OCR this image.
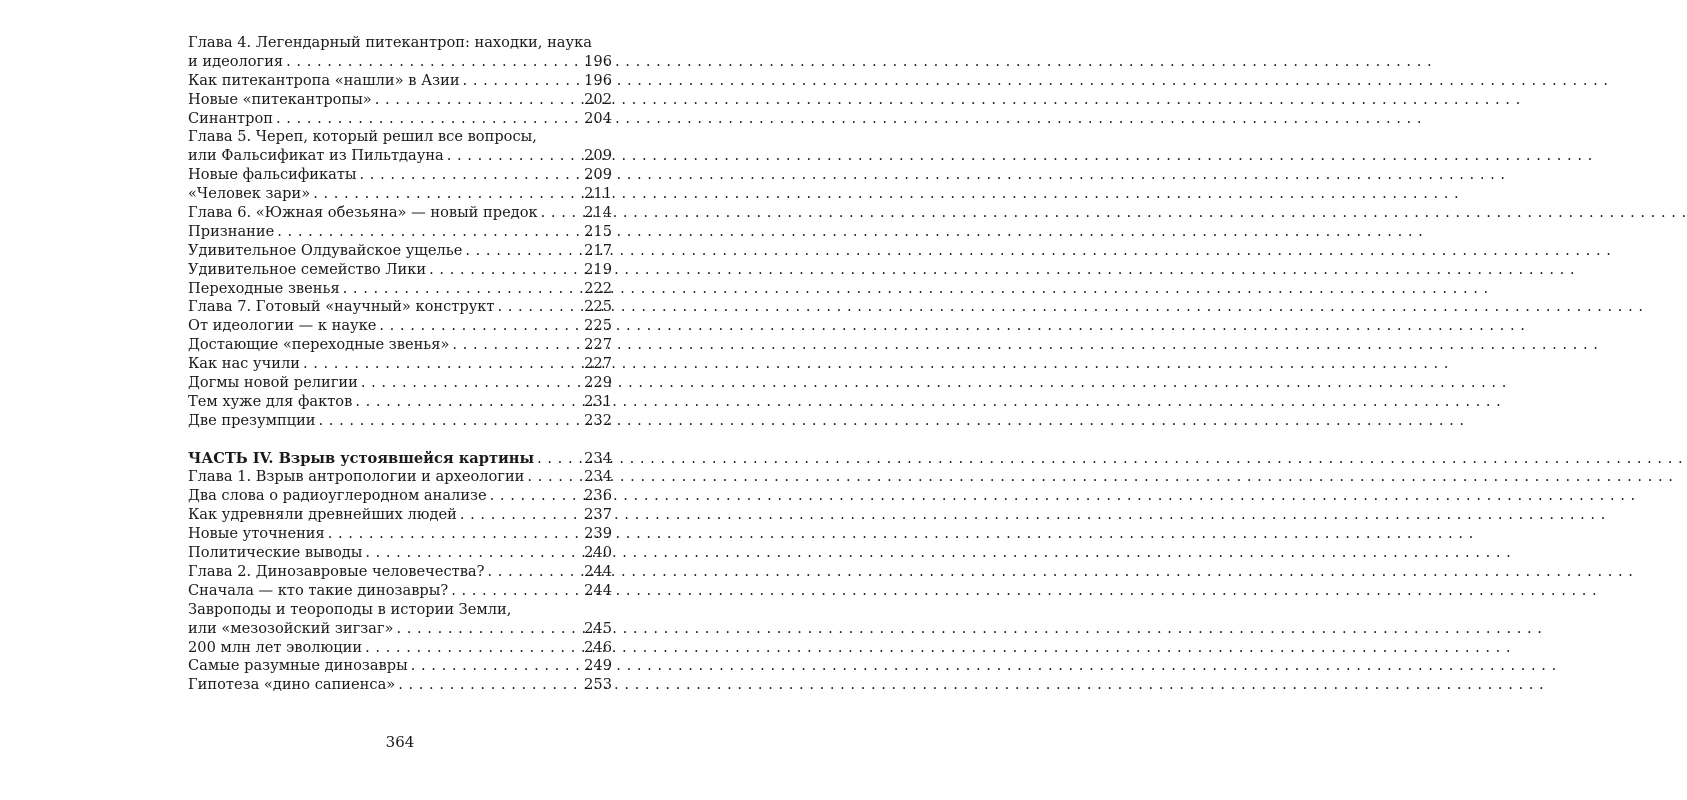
Глава 4. Легендарный питекантроп: находки, наука
и идеология . . .	196
Как питекантропа «нашли» в Азии . . .	196
Новые «питекантропы» . . .	202
Синантроп . . .	204
Глава 5. Череп, который решил все вопросы,
или Фальсификат из Пильтдауна . . .	209
Новые фальсификаты . . .	209
«Человек зари» . . .	211
Глава 6. «Южная обезьяна» — новый предок . . .	214
Признание . . .	215
Удивительное Олдувайское ущелье . . .	217
Удивительное семейство Лики . . .	219
Переходные звенья . . .	222
Глава 7. Готовый «научный» конструкт . . .	225
От идеологии — к науке . . .	225
Достающие «переходные звенья» . . .	227
Как нас учили . . .	227
Догмы новой религии . . .	229
Тем хуже для фактов . . .	231
Две презумпции . . .	232
ЧАСТЬ IV. Взрыв устоявшейся картины . . .	234
Глава 1. Взрыв антропологии и археологии . . .	234
Два слова о радиоуглеродном анализе . . .	236
Как удревняли древнейших людей . . .	237
Новые уточнения . . .	239
Политические выводы . . .	240
Глава 2. Динозавровые человечества? . . .	244
Сначала — кто такие динозавры? . . .	244
Завроподы и теороподы в истории Земли,
или «мезозойский зигзаг» . . .	245
200 млн лет эволюции . . .	246
Самые разумные динозавры . . .	249
Гипотеза «дино сапиенса» . . .	253
364
